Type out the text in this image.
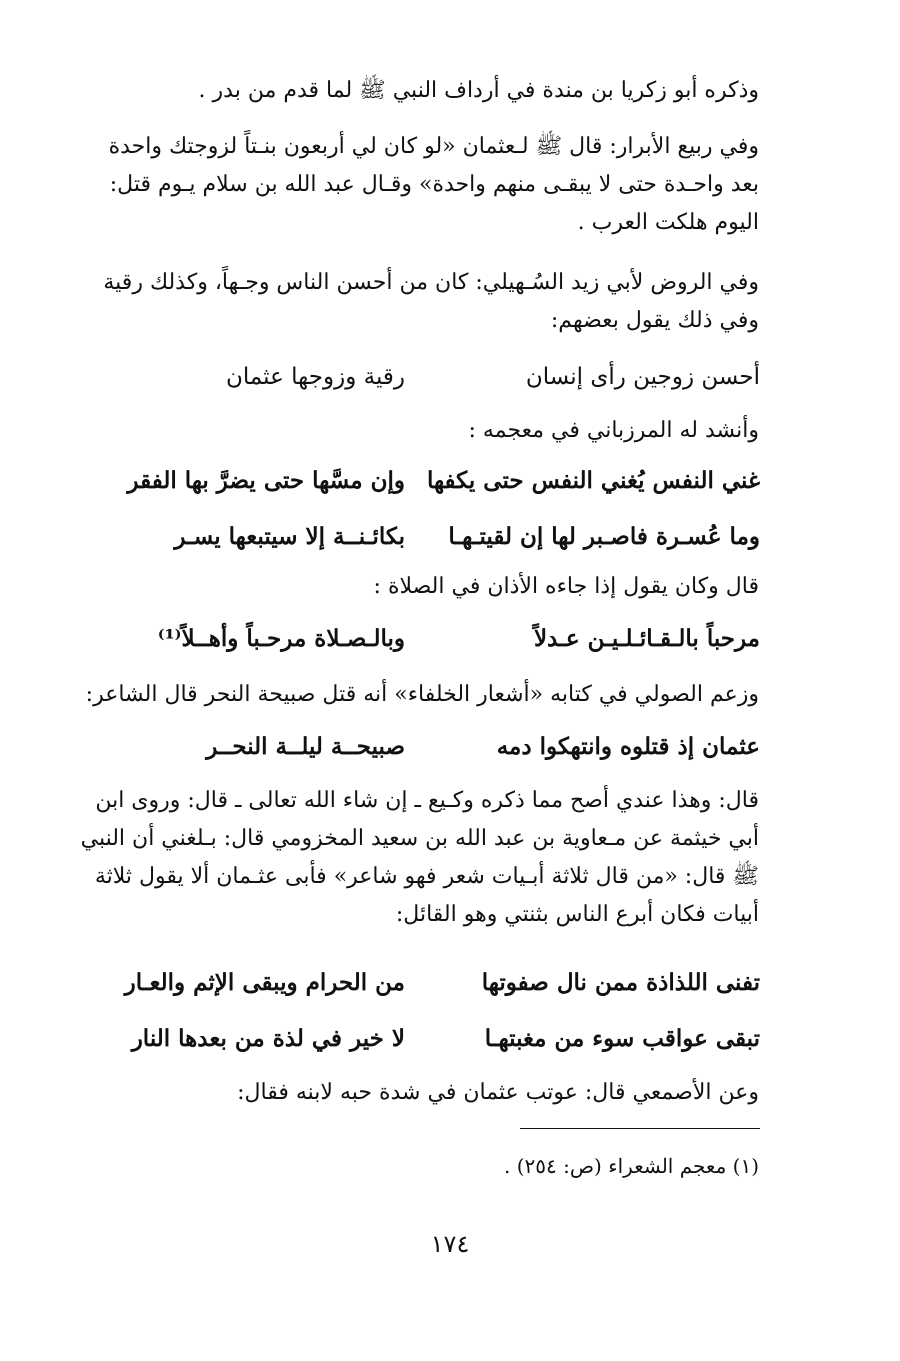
وذكره أبو زكريا بن مندة في أرداف النبي ﷺ لما قدم من بدر .
وفي ربيع الأبرار: قال ﷺ لـعثمان «لو كان لي أربعون بنـتاً لزوجتك واحدة
بعد واحـدة حتى لا يبقـى منهم واحدة» وقـال عبد الله بن سلام يـوم قتل:
اليوم هلكت العرب .
وفي الروض لأبي زيد السُـهيلي: كان من أحسن الناس وجـهاً، وكذلك رقية
وفي ذلك يقول بعضهم:
أحسن زوجين رأى إنسان
رقية وزوجها عثمان
وأنشد له المرزباني في معجمه :
غني النفس يُغني النفس حتى يكفها
وإن مسَّها حتى يضرَّ بها الفقر
وما عُسـرة فاصـبر لها إن لقيتـهـا
بكائـنــة إلا سيتبعها يسـر
قال وكان يقول إذا جاءه الأذان في الصلاة :
مرحباً بالـقـائـلـيـن عـدلاً
وبالـصـلاة مرحـباً وأهــلاً⁽¹⁾
وزعم الصولي في كتابه «أشعار الخلفاء» أنه قتل صبيحة النحر قال الشاعر:
عثمان إذ قتلوه وانتهكوا دمه
صبيحــة ليلــة النحــر
قال: وهذا عندي أصح مما ذكره وكـيع ـ إن شاء الله تعالى ـ قال: وروى ابن
أبي خيثمة عن مـعاوية بن عبد الله بن سعيد المخزومي قال: بـلغني أن النبي
ﷺ قال: «من قال ثلاثة أبـيات شعر فهو شاعر» فأبى عثـمان ألا يقول ثلاثة
أبيات فكان أبرع الناس بثنتي وهو القائل:
تفنى اللذاذة ممن نال صفوتها
من الحرام ويبقى الإثم والعـار
تبقى عواقب سوء من مغبتهـا
لا خير في لذة من بعدها النار
وعن الأصمعي قال: عوتب عثمان في شدة حبه لابنه فقال:
(١) معجم الشعراء (ص: ٢٥٤) .
١٧٤
